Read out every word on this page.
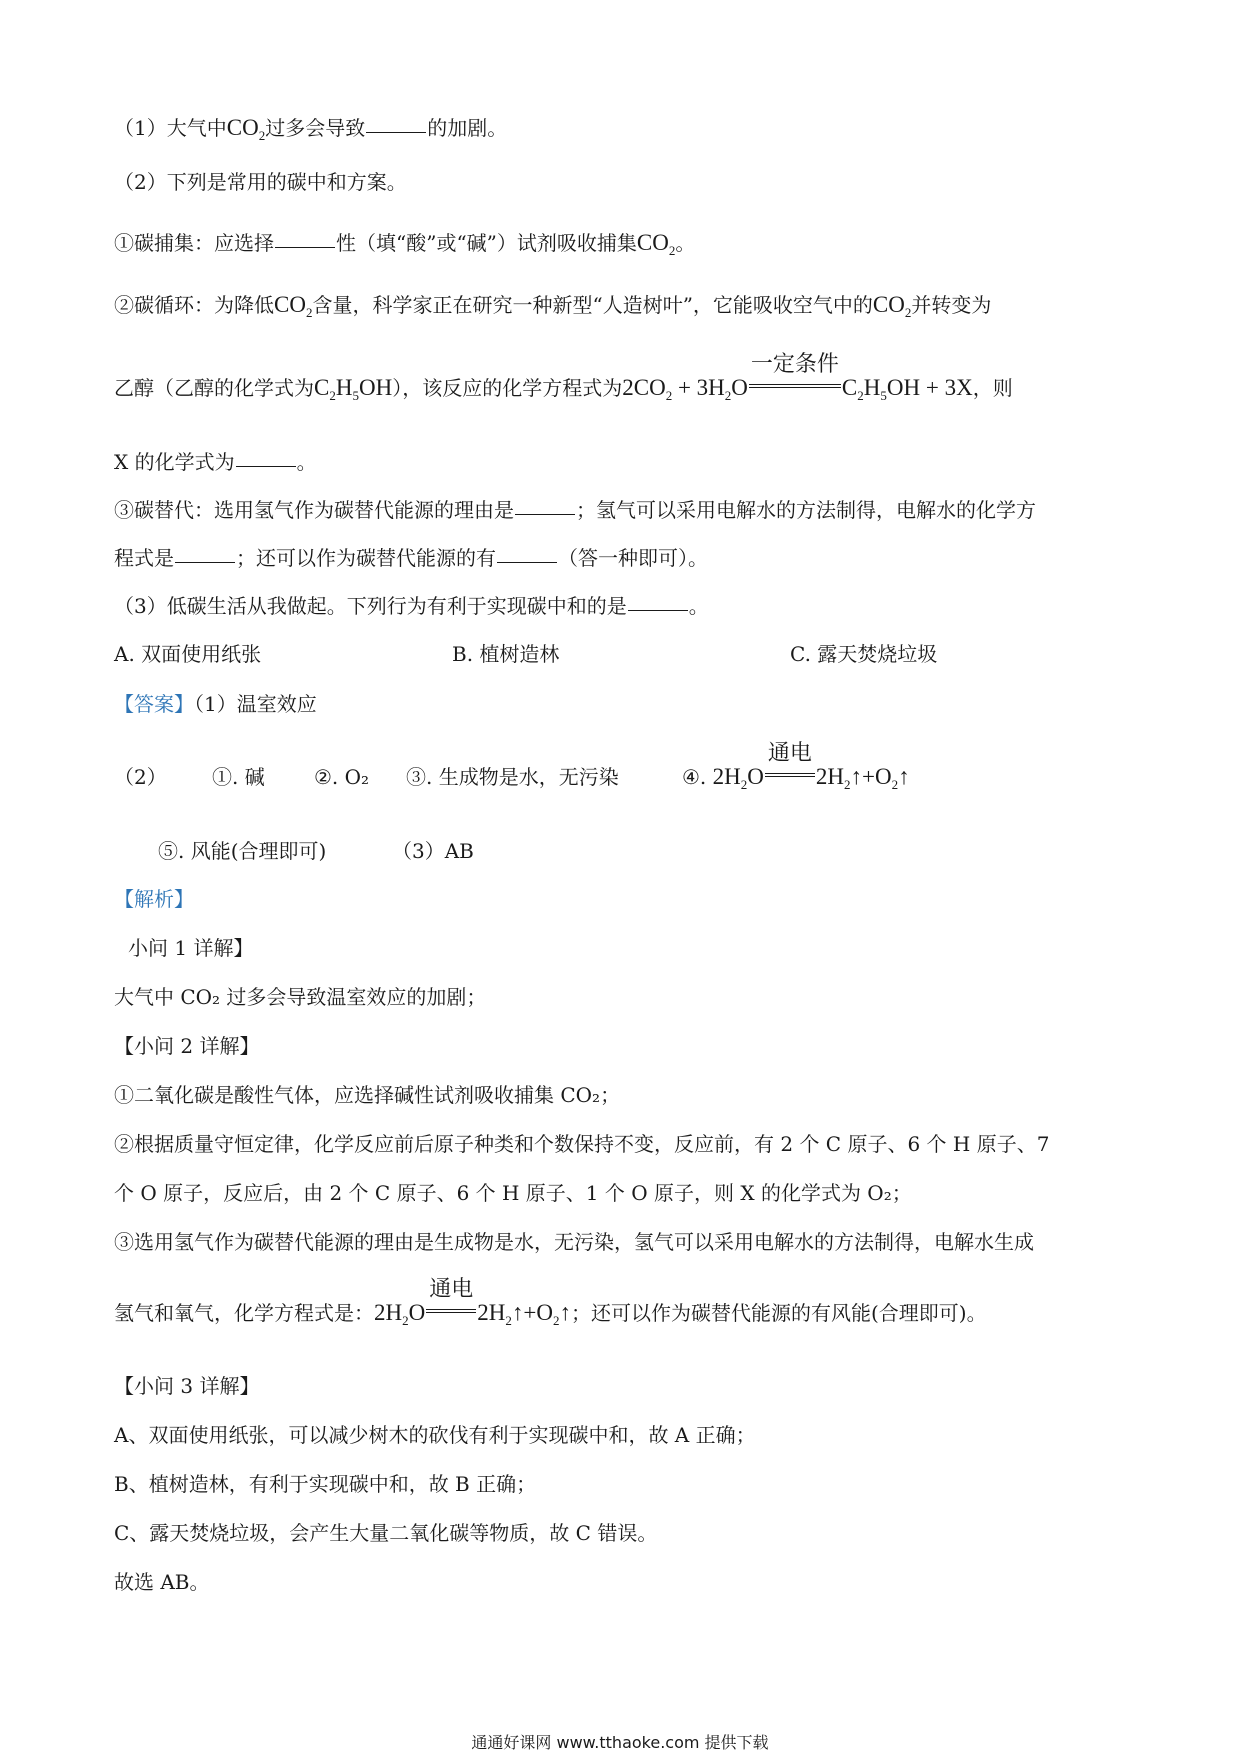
（1）大气中$CO_2$过多会导致	的加剧。
（2）下列是常用的碳中和方案。
①碳捕集：应选择	性（填“酸”或“碱”）试剂吸收捕集$CO_2$。
②碳循环：为降低$CO_2$含量，科学家正在研究一种新型“人造树叶”，它能吸收空气中的$CO_2$并转变为
乙醇（乙醇的化学式为$C_2H_5OH$），该反应的化学方程式为$2CO_2 + 3H_2O$
一定条件
$C_2H_5OH + 3X$，则
X 的化学式为	。
③碳替代：选用氢气作为碳替代能源的理由是	；氢气可以采用电解水的方法制得，电解水的化学方
程式是	；还可以作为碳替代能源的有	（答一种即可）。
（3）低碳生活从我做起。下列行为有利于实现碳中和的是	。
A. 双面使用纸张	B. 植树造林	C. 露天焚烧垃圾
【答案】（1）温室效应
（2） ①. 碱 ②. O₂ ③. 生成物是水，无污染	④. $2H_2O$
通电
$2H_2↑+O_2↑$
⑤. 风能(合理即可)	（3）AB
【解析】
小问 1 详解】
大气中 CO₂ 过多会导致温室效应的加剧；
【小问 2 详解】
①二氧化碳是酸性气体，应选择碱性试剂吸收捕集 CO₂；
②根据质量守恒定律，化学反应前后原子种类和个数保持不变，反应前，有 2 个 C 原子、6 个 H 原子、7
个 O 原子，反应后，由 2 个 C 原子、6 个 H 原子、1 个 O 原子，则 X 的化学式为 O₂；
③选用氢气作为碳替代能源的理由是生成物是水，无污染，氢气可以采用电解水的方法制得，电解水生成
氢气和氧气，化学方程式是：$2H_2O$
通电
$2H_2↑+O_2↑$；还可以作为碳替代能源的有风能(合理即可)。
【小问 3 详解】
A、双面使用纸张，可以减少树木的砍伐有利于实现碳中和，故 A 正确；
B、植树造林，有利于实现碳中和，故 B 正确；
C、露天焚烧垃圾，会产生大量二氧化碳等物质，故 C 错误。
故选 AB。
通通好课网 www.tthaoke.com 提供下载
